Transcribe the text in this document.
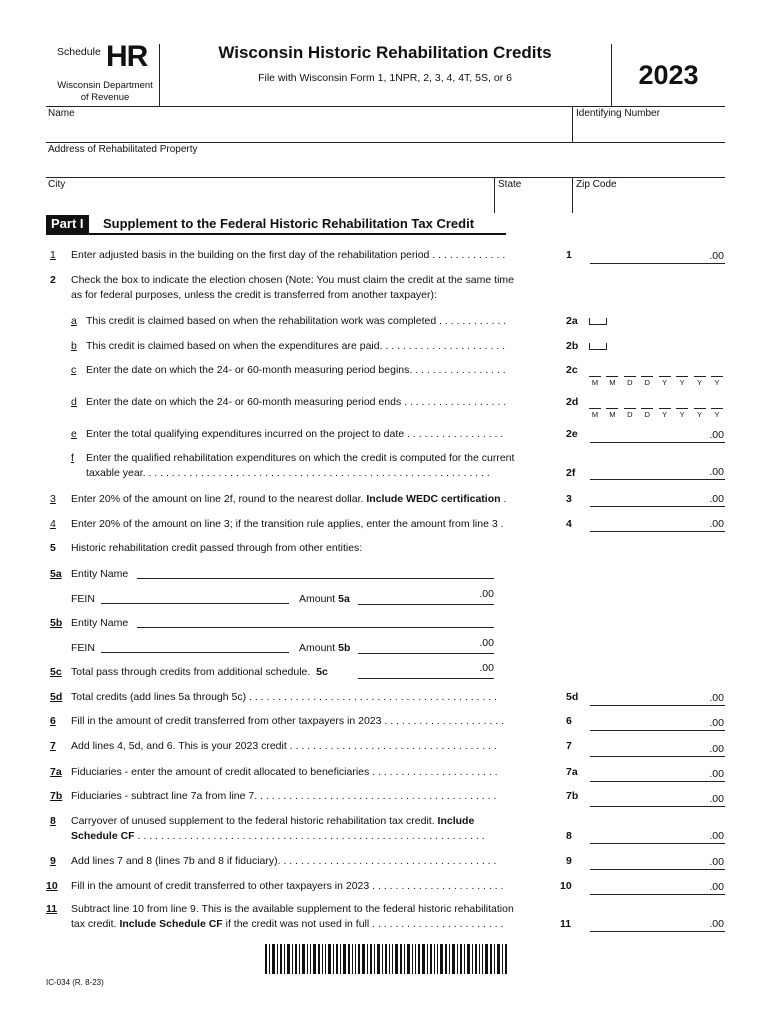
Schedule HR
Wisconsin Department
of Revenue
Wisconsin Historic Rehabilitation Credits
File with Wisconsin Form 1, 1NPR, 2, 3, 4, 4T, 5S, or 6	2023
Name	Identifying Number
Address of Rehabilitated Property
City	State	Zip Code
Part I	Supplement to the Federal Historic Rehabilitation Tax Credit
1 Enter adjusted basis in the building on the first day of the rehabilitation period . . . . . . . . . . . . .	1	.00
2 Check the box to indicate the election chosen (Note: You must claim the credit at the same time
as for federal purposes, unless the credit is transferred from another taxpayer):
a This credit is claimed based on when the rehabilitation work was completed . . . . . . . . . . . .	2a
b This credit is claimed based on when the expenditures are paid. . . . . . . . . . . . . . . . . . . . . .	2b
c Enter the date on which the 24- or 60-month measuring period begins. . . . . . . . . . . . . . . . .	2c
M	M	D	D	Y	Y	Y	Y
d Enter the date on which the 24- or 60-month measuring period ends . . . . . . . . . . . . . . . . . .	2d
M	M	D	D	Y	Y	Y	Y
e Enter the total qualifying expenditures incurred on the project to date . . . . . . . . . . . . . . . . .	2e	.00
f Enter the qualified rehabilitation expenditures on which the credit is computed for the current
taxable year. . . . . . . . . . . . . . . . . . . . . . . . . . . . . . . . . . . . . . . . . . . . . . . . . . . . . . . . . . . .	2f	.00
3 Enter 20% of the amount on line 2f, round to the nearest dollar. Include WEDC certification .	3	.00
4 Enter 20% of the amount on line 3; if the transition rule applies, enter the amount from line 3 .	4	.00
5 Historic rehabilitation credit passed through from other entities:
5a Entity Name
FEIN	Amount 5a	.00
5b Entity Name
FEIN	Amount 5b	.00
5c Total pass through credits from additional schedule. 5c	.00
5d Total credits (add lines 5a through 5c) . . . . . . . . . . . . . . . . . . . . . . . . . . . . . . . . . . . . . . . . . . .	5d	.00
6 Fill in the amount of credit transferred from other taxpayers in 2023 . . . . . . . . . . . . . . . . . . . . .	6	.00
7 Add lines 4, 5d, and 6. This is your 2023 credit . . . . . . . . . . . . . . . . . . . . . . . . . . . . . . . . . . . .	7	.00
7a Fiduciaries - enter the amount of credit allocated to beneficiaries . . . . . . . . . . . . . . . . . . . . . .	7a	.00
7b Fiduciaries - subtract line 7a from line 7. . . . . . . . . . . . . . . . . . . . . . . . . . . . . . . . . . . . . . . . . .	7b	.00
8 Carryover of unused supplement to the federal historic rehabilitation tax credit. Include
Schedule CF . . . . . . . . . . . . . . . . . . . . . . . . . . . . . . . . . . . . . . . . . . . . . . . . . . . . . . . . . . . .	8	.00
9 Add lines 7 and 8 (lines 7b and 8 if fiduciary). . . . . . . . . . . . . . . . . . . . . . . . . . . . . . . . . . . . . .	9	.00
10 Fill in the amount of credit transferred to other taxpayers in 2023 . . . . . . . . . . . . . . . . . . . . . . .	10	.00
11 Subtract line 10 from line 9. This is the available supplement to the federal historic rehabilitation
tax credit. Include Schedule CF if the credit was not used in full . . . . . . . . . . . . . . . . . . . . . . .	11	.00
IC-034 (R. 8-23)
